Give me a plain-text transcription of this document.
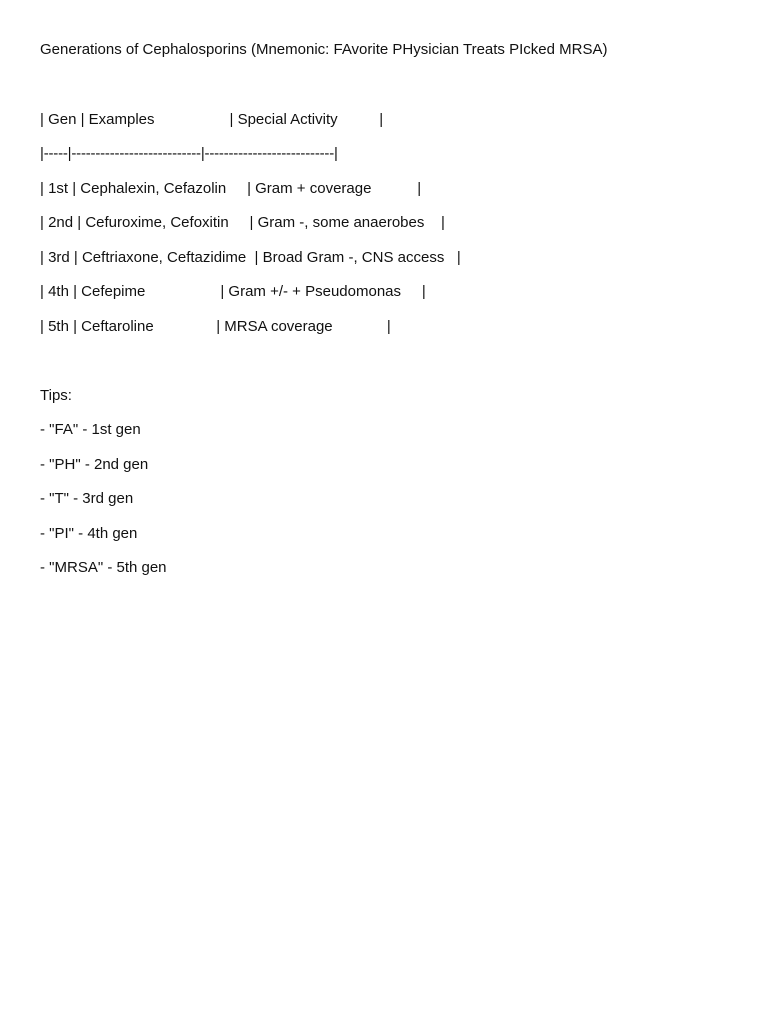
Generations of Cephalosporins (Mnemonic: FAvorite PHysician Treats PIcked MRSA)

| Gen | Examples                  | Special Activity          |

|-----|---------------------------|---------------------------|

| 1st | Cephalexin, Cefazolin     | Gram + coverage           |

| 2nd | Cefuroxime, Cefoxitin     | Gram -, some anaerobes    |

| 3rd | Ceftriaxone, Ceftazidime  | Broad Gram -, CNS access   |

| 4th | Cefepime                  | Gram +/- + Pseudomonas     |

| 5th | Ceftaroline               | MRSA coverage             |

Tips:

- "FA" - 1st gen

- "PH" - 2nd gen

- "T" - 3rd gen

- "PI" - 4th gen

- "MRSA" - 5th gen
